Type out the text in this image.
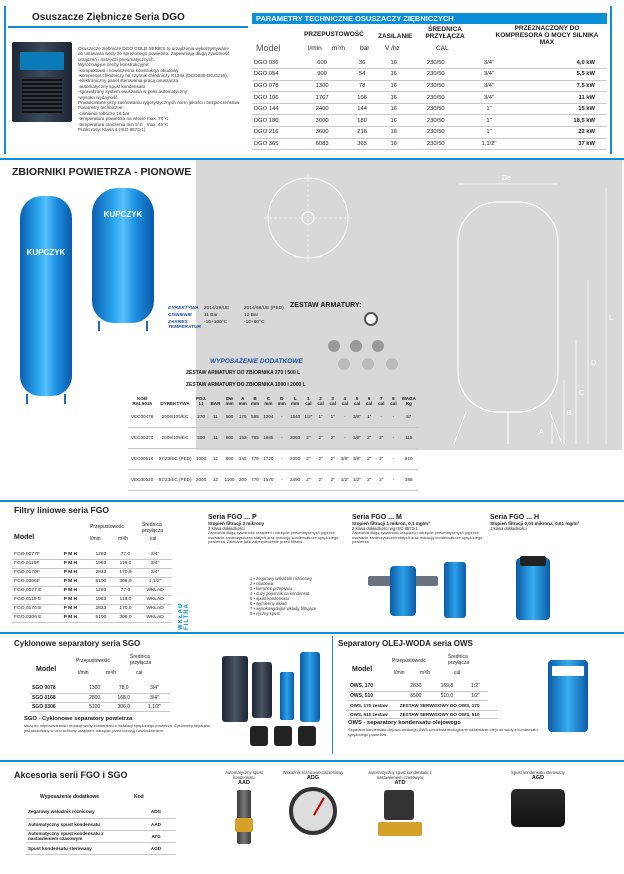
Osuszacze Ziębnicze Seria DGO
Osuszacze ziębnicze DGO GOLD SERIES to urządzenia wykorzystywane
do usuwania wody ze sprężonego powietrza. Zapewniają długą żywotność
urządzeń i narzędzi pneumatycznych.
Wyróżniające cechy konstrukcyjne:
-kompaktowa i nowoczesna konstrukcja obudowy
-kompresor chłodniczy na czynnik chłodniczy R134a (DGO036-DGO216),
-elektroniczny panel sterowania pracą osuszacza
-automatyczny spust kondensatu
-sprawdzony system osuszania w pełni automatyczny
-wysoka wydajność
Produkowane przy zachowaniu rygorystycznych norm jakości i bezpieczeństwa
Parametry techniczne:
-ciśnienie robocze 16 bar
-temperatura powietrza na wlocie max. 70°C
-temperatura otoczenia min 5°C , max. 45°C
Punkt rosy: Klasa 4 (ISO 8573-1)
PARAMETRY TECHNICZNE OSUSZACZY ZIĘBNICZYCH
Model
PRZEPUSTOWOŚĆ
l/min m³/h bar
ZASILANIE
V /hz
ŚREDNICA PRZYŁĄCZA
CAL
PRZEZNACZONY DO KOMPRESORA O MOCY SILNIKA MAX
DGO 036	600	36	16	230/50	3/4"	4,0 kW
DGO 054	900	54	16	230/50	3/4"	5,5 kW
DGO 078	1300	78	16	230/50	3/4"	7,5 kW
DGO 106	1767	106	16	230/50	3/4"	11 kW
DGO 144	2400	144	16	230/50	1"	15 kW
DGO 180	3000	180	16	230/50	1"	18,5 kW
DGO 216	3600	216	16	230/50	1"	22 kW
DGO 365	6083	365	16	230/50	1,1/2"	37 kW
ZBIORNIKI POWIETRZA - PIONOWE
De
L
D
C
B
A
KUPCZYK
KUPCZYK
DYREKTYWA	2014/29/UE	2014/68/UE (PED)
CIŚNIENIE	11 Bar	12 Bar
ZAKRES TEMPERATUR
-10+100°C	-10+80°C
ZESTAW ARMATURY:
WYPOSAŻENIE DODATKOWE
ZESTAW ARMATURY DO ZBIORNIKA 270 I 500 L
ZESTAW ARMATURY DO ZBIORNIKA 1000 I 2000 L
KOD RAL5015	DYREKTYWA	POJ. Lt	BAR	Dw mm	A mm	B mm	C mm	D mm	L mm	1 cal	2 cal	3 cal	4 cal	5 cal	6 cal	7 cal	8 cal	WAGA Kg
VEC00478	2009/105/EC	270	11	500	175	595	1304	-	1540	1/2"	1"	1"	-	3/8"	1"	-	-	57
VEC00370	2009/105/EC	500	11	600	153	785	1685	-	2050	2"	2"	2"	-	3/8"	2"	2"	-	115
VEC00518	97/23/EC (PED)	1000	12	800	145	770	1720	-	2350	2"	2"	2"	3/8"	3/8"	2"	2"	-	210
VEC00520	97/23/EC (PED)	2000	12	1100	200	770	1570	-	2490	2"	2"	2"	1/2"	1/2"	2"	2"	-	388
Filtry liniowe seria FGO
Model
Przepustowość
l/min	m³/h
Średnica przyłącza
cal
FGO,0077F	P M H	1283	77,0	3/4"
FGO,0119F	P M H	1983	119,0	3/4"
FGO,0170F	P M H	2833	170,0	3/4"
FGO,0306F	P M H	5100	306,0	1,1/2"
FGO,0077 E	P M H	1283	77,0	WKŁAD
FGO,0119 E	P M H	1983	119,0	WKŁAD
FGO,0170 E	P M H	2833	170,0	WKŁAD
FGO,0306 E	P M H	5100	306,0	WKŁAD WKŁAD FILTRA
Seria FGO ... P
Stopień filtracji 3 mikrony
3 klasa dokładności
Zapewnia długą żywotność urządzeń i narzędzi pneumatycznych poprzez usuwanie zanieczyszczeń stałych oraz redukcję kondensatu ze sprężonego powietrza. Zalecane jako zabezpieczenie przed filtrami.
Seria FGO ... M
Stopień filtracji 1 mikron, 0,1 mg/m³
2 klasa dokładności wg ISO 8573-1
Zapewnia długą żywotność urządzeń i narzędzi pneumatycznych poprzez usuwanie zanieczyszczeń stałych oraz redukcję kondensatu ze sprężonego powietrza.
Seria FGO ... H
Stopień filtracji 0,01 mikrona, 0,01 mg/m³
1 klasa dokładności
1 • zegarowy wskaźnik różnicowy
2 • obudowa
3 • kierunek przepływu
4 • duży pojemnik na kondensat
5 • spust kondensatu
6 • wymienny wkład
7 • wysokowydajne wkłady filtrujące
8 • ręczny spust
Cyklonowe separatory seria SGO
Model
Przepustowość
l/min	m³/h
Średnica przyłącza
cal
SGO 0078	1300	78,0	3/4"
SGO 0168	2800	168,0	3/4"
SGO 0306	5100	306,0	1,1/2"
SGO - Cyklonowe separatory powietrza
służą do odprowadzania i redukcji wody kondensatu z instalacji sprężonego powietrza. Cyklonowy separator jest stosowany w celu ochrony urządzeń, narzędzi przed korozją i uszkodzeniem.
Separatory OLEJ-WODA seria OWS
Model
Przepustowość
l/min	m³/h
Średnica przyłącza
cal
OWS, 170	2830	169,8	1/2"
OWS, 510	8500	510,0	1/2"
OWS, 170 zestaw	ZESTAW SERWISOWY DO OWS, 170
OWS, 510 zestaw	ZESTAW SERWISOWY DO OWS, 510
OWS - separatory kondensatu olejowego
Separator kondensatu olejowo-wodnego OWS umożliwia ekologiczne oddzielanie oleju od wody z kondensatu sprężonego powietrza.
Akcesoria serii FGO i SGO
Wyposażenie dodatkowe	Kod
Zegarowy wskaźnik różnicowy	ADG
Automatyczny spust kondensatu	AAD
Automatyczny spust kondensatu z nastawieniem czasowym	ATD
Spust kondensatu sterowany	AGD
Automatyczny spust kondensatu
AAD
Wskaźnik różnicowo-ciśnieniowy
ADG
Automatyczny spust kondensatu z nastawieniem czasowym
ATD
Spust kondensatu sterowany
AGD
